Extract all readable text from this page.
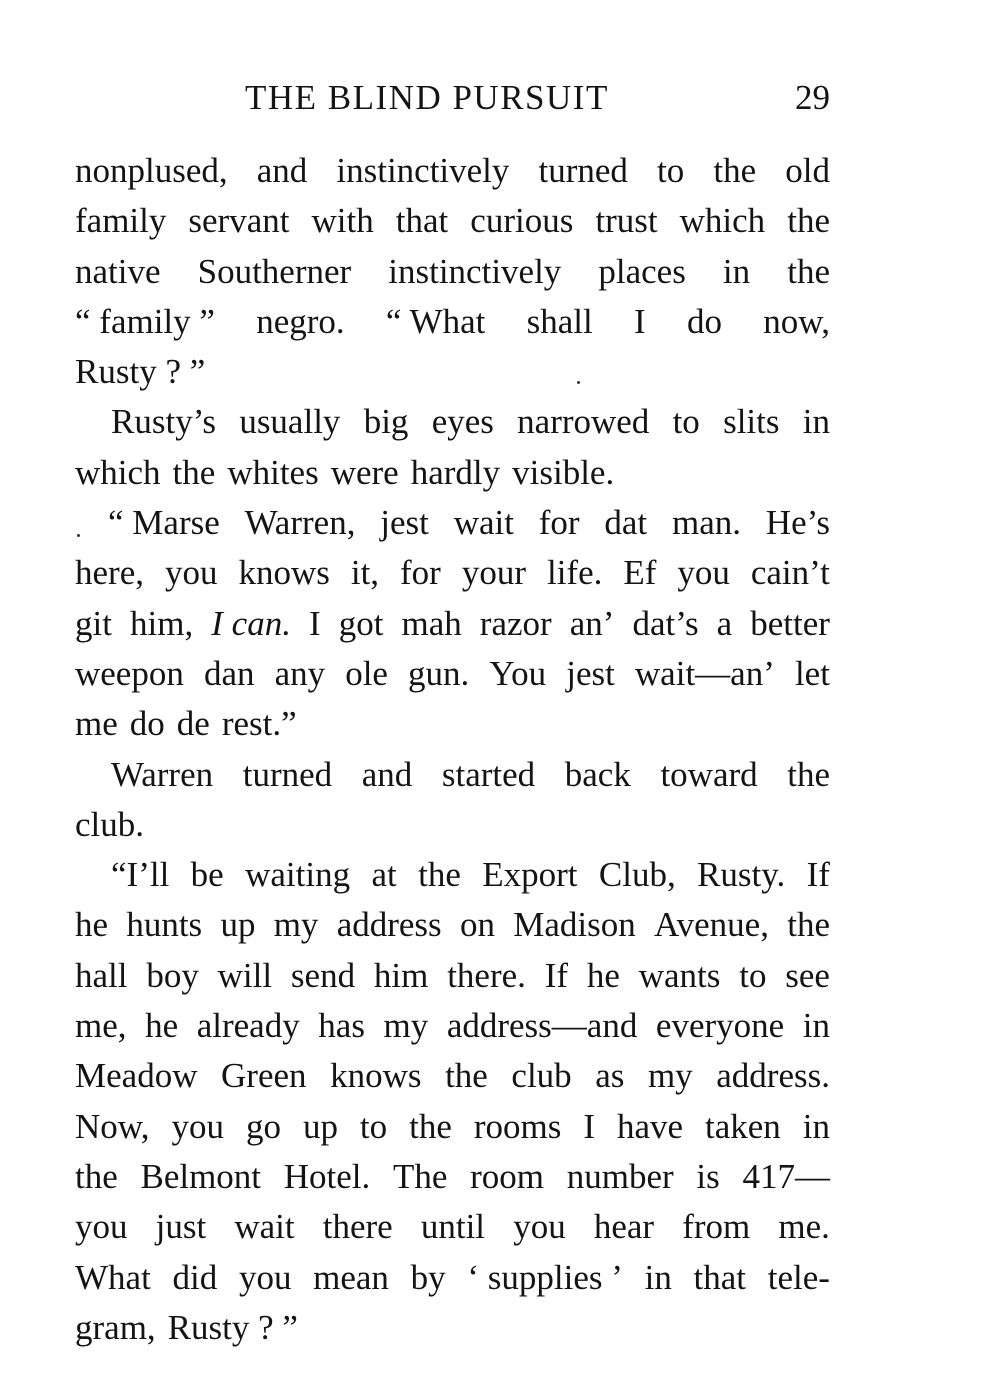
THE BLIND PURSUIT	29
nonplused, and instinctively turned to the old
family servant with that curious trust which the
native Southerner instinctively places in the
“ family ” negro. “ What shall I do now,
Rusty ? ”
Rusty’s usually big eyes narrowed to slits in
which the whites were hardly visible.
“ Marse Warren, jest wait for dat man. He’s
here, you knows it, for your life. Ef you cain’t
git him, I can. I got mah razor an’ dat’s a better
weepon dan any ole gun. You jest wait—an’ let
me do de rest.”
Warren turned and started back toward the
club.
“I’ll be waiting at the Export Club, Rusty. If
he hunts up my address on Madison Avenue, the
hall boy will send him there. If he wants to see
me, he already has my address—and everyone in
Meadow Green knows the club as my address.
Now, you go up to the rooms I have taken in
the Belmont Hotel. The room number is 417—
you just wait there until you hear from me.
What did you mean by ‘ supplies ’ in that tele-
gram, Rusty ? ”
